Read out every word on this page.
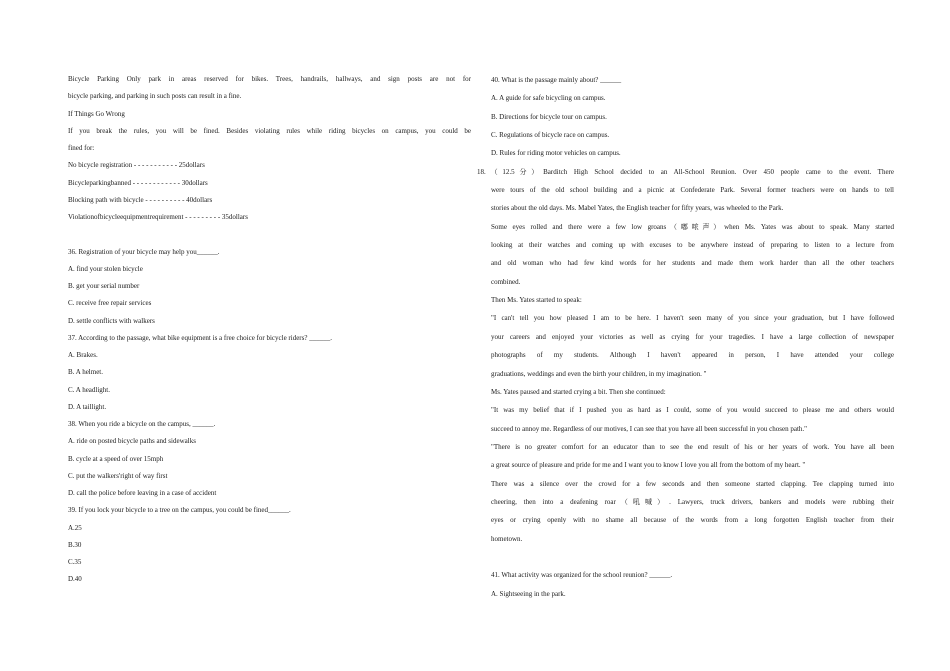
Bicycle Parking Only park in areas reserved for bikes. Trees, handrails, hallways, and sign posts are not for
bicycle parking, and parking in such posts can result in a fine.
If Things Go Wrong
If you break the rules, you will be fined. Besides violating rules while riding bicycles on campus, you could be
fined for:
No bicycle registration - - - - - - - - - - - 25dollars
Bicycleparkingbanned - - - - - - - - - - - - 30dollars
Blocking path with bicycle - - - - - - - - - - 40dollars
Violationofbicycleequipmentrequirement - - - - - - - - - 35dollars

36. Registration of your bicycle may help you______.
A. find your stolen bicycle
B. get your serial number
C. receive free repair services
D. settle conflicts with walkers
37. According to the passage, what bike equipment is a free choice for bicycle riders? ______.
A. Brakes.
B. A helmet.
C. A headlight.
D. A taillight.
38. When you ride a bicycle on the campus, ______.
A. ride on posted bicycle paths and sidewalks
B. cycle at a speed of over 15mph
C. put the walkers'right of way first
D. call the police before leaving in a case of accident
39. If you lock your bicycle to a tree on the campus, you could be fined______.
A.25
B.30
C.35
D.40
40. What is the passage mainly about? ______
A. A guide for safe bicycling on campus.
B. Directions for bicycle tour on campus.
C. Regulations of bicycle race on campus.
D. Rules for riding motor vehicles on campus.
18.（12.5分）Barditch High School decided to an All-School Reunion. Over 450 people came to the event. There
were tours of the old school building and a picnic at Confederate Park. Several former teachers were on hands to tell
stories about the old days. Ms. Mabel Yates, the English teacher for fifty years, was wheeled to the Park.
Some eyes rolled and there were a few low groans（嘟哝声）when Ms. Yates was about to speak. Many started
looking at their watches and coming up with excuses to be anywhere instead of preparing to listen to a lecture from
and old woman who had few kind words for her students and made them work harder than all the other teachers
combined.
Then Ms. Yates started to speak:
"I can't tell you how pleased I am to be here. I haven't seen many of you since your graduation, but I have followed
your careers and enjoyed your victories as well as crying for your tragedies. I have a large collection of newspaper
photographs of my students. Although I haven't appeared in person, I have attended your college
graduations, weddings and even the birth your children, in my imagination. "
Ms. Yates paused and started crying a bit. Then she continued:
"It was my belief that if I pushed you as hard as I could, some of you would succeed to please me and others would
succeed to annoy me. Regardless of our motives, I can see that you have all been successful in you chosen path."
"There is no greater comfort for an educator than to see the end result of his or her years of work. You have all been
a great source of pleasure and pride for me and I want you to know I love you all from the bottom of my heart. "
There was a silence over the crowd for a few seconds and then someone started clapping. Tee clapping turned into
cheering, then into a deafening roar（吼喊）. Lawyers, truck drivers, bankers and models were rubbing their
eyes or crying openly with no shame all because of the words from a long forgotten English teacher from their
hometown.

41. What activity was organized for the school reunion? ______.
A. Sightseeing in the park.
